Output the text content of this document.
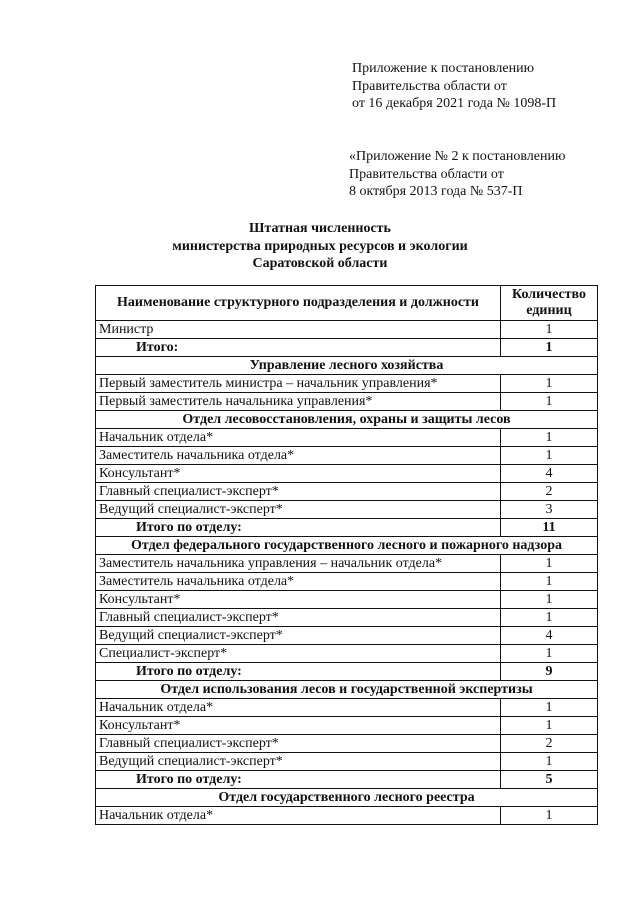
Приложение к постановлению
Правительства области от
от 16 декабря 2021 года № 1098-П
«Приложение № 2 к постановлению
Правительства области от
8 октября 2013 года № 537-П
Штатная численность
министерства природных ресурсов и экологии
Саратовской области
Наименование структурного подразделения и должности	Количество единиц
Министр	1
Итого:	1
Управление лесного хозяйства	
Первый заместитель министра – начальник управления*	1
Первый заместитель начальника управления*	1
Отдел лесовосстановления, охраны и защиты лесов	
Начальник отдела*	1
Заместитель начальника отдела*	1
Консультант*	4
Главный специалист-эксперт*	2
Ведущий специалист-эксперт*	3
Итого по отделу:	11
Отдел федерального государственного лесного и пожарного надзора	
Заместитель начальника управления – начальник отдела*	1
Заместитель начальника отдела*	1
Консультант*	1
Главный специалист-эксперт*	1
Ведущий специалист-эксперт*	4
Специалист-эксперт*	1
Итого по отделу:	9
Отдел использования лесов и государственной экспертизы	
Начальник отдела*	1
Консультант*	1
Главный специалист-эксперт*	2
Ведущий специалист-эксперт*	1
Итого по отделу:	5
Отдел государственного лесного реестра	
Начальник отдела*	1
